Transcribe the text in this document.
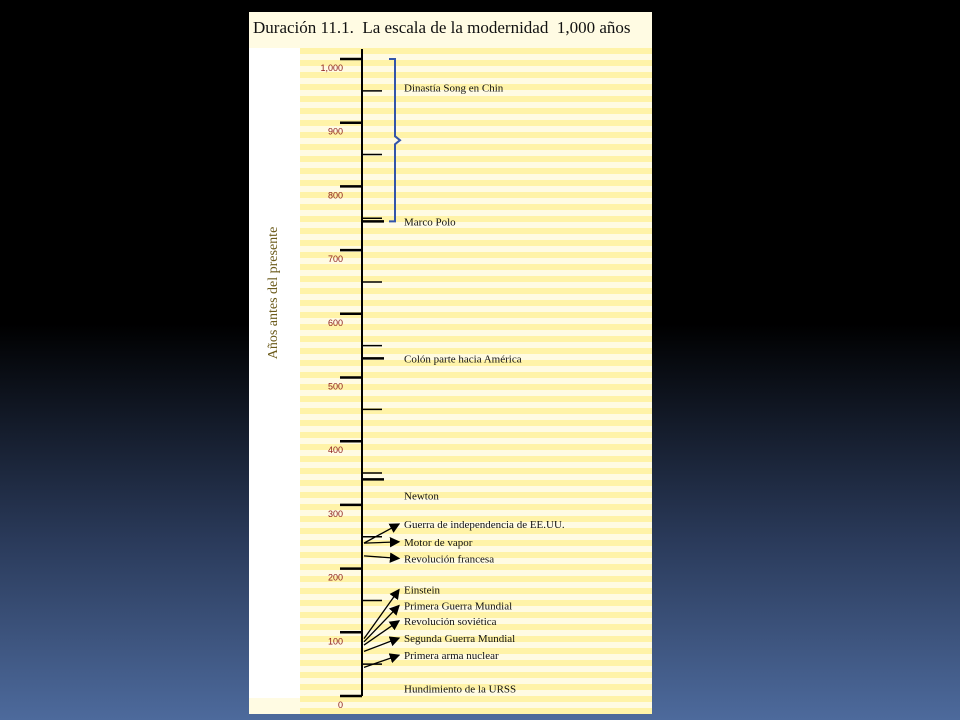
Duración 11.1.  La escala de la modernidad  1,000 años
Años antes del presente
0
100
200
300
400
500
600
700
800
900
1,000
Dinastía Song en Chin
Marco Polo
Colón parte hacia América
Newton
Guerra de independencia de EE.UU.
Motor de vapor
Revolución francesa
Einstein
Primera Guerra Mundial
Revolución soviética
Segunda Guerra Mundial
Primera arma nuclear
Hundimiento de la URSS
